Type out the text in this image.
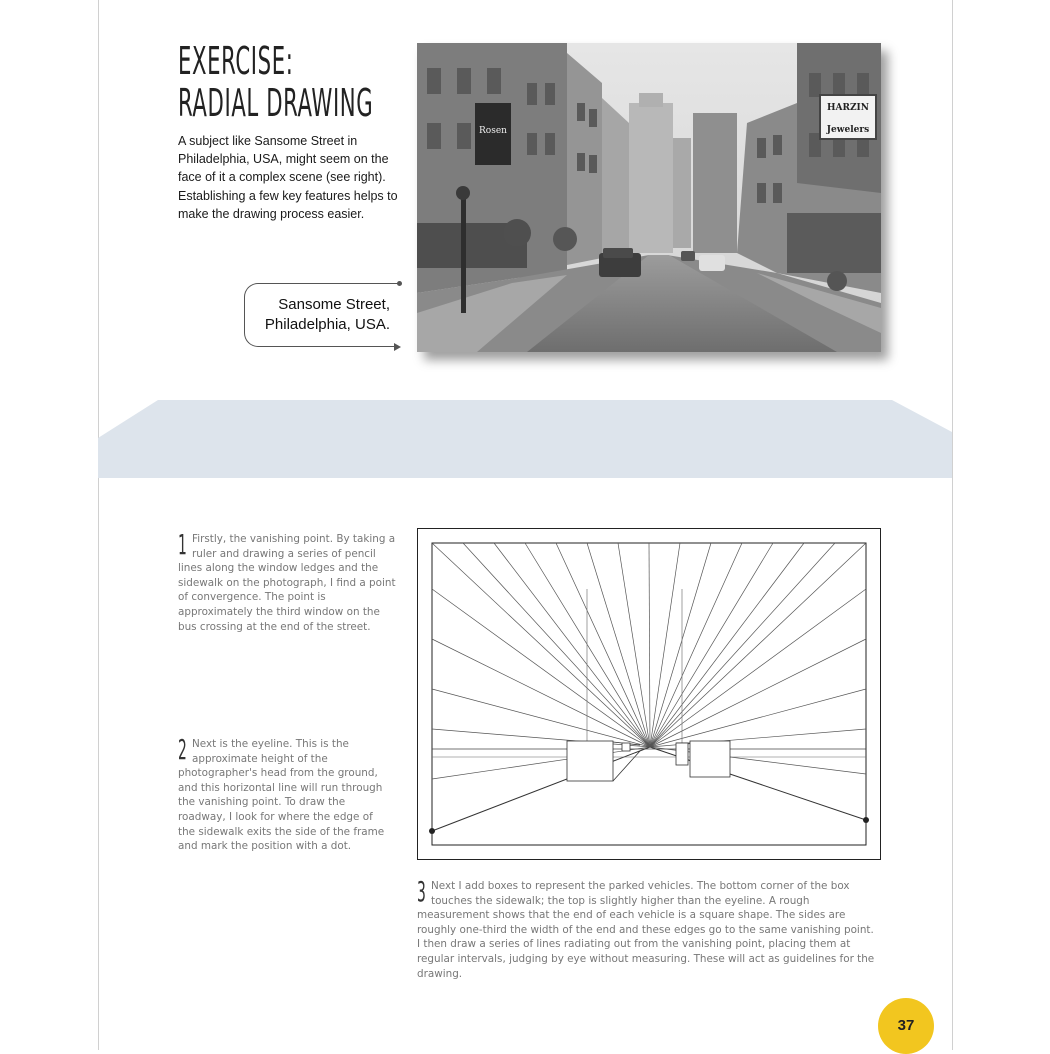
EXERCISE:
RADIAL DRAWING

A subject like Sansome Street in Philadelphia, USA, might seem on the face of it a complex scene (see right). Establishing a few key features helps to make the drawing process easier.

Sansome Street,
Philadelphia, USA.
Rosen
HARZIN
Jewelers

1 Firstly, the vanishing point. By taking a ruler and drawing a series of pencil lines along the window ledges and the sidewalk on the photograph, I find a point of convergence. The point is approximately the third window on the bus crossing at the end of the street.

2 Next is the eyeline. This is the approximate height of the photographer's head from the ground, and this horizontal line will run through the vanishing point. To draw the roadway, I look for where the edge of the sidewalk exits the side of the frame and mark the position with a dot.

3 Next I add boxes to represent the parked vehicles. The bottom corner of the box touches the sidewalk; the top is slightly higher than the eyeline. A rough measurement shows that the end of each vehicle is a square shape. The sides are roughly one-third the width of the end and these edges go to the same vanishing point. I then draw a series of lines radiating out from the vanishing point, placing them at regular intervals, judging by eye without measuring. These will act as guidelines for the drawing.

37
